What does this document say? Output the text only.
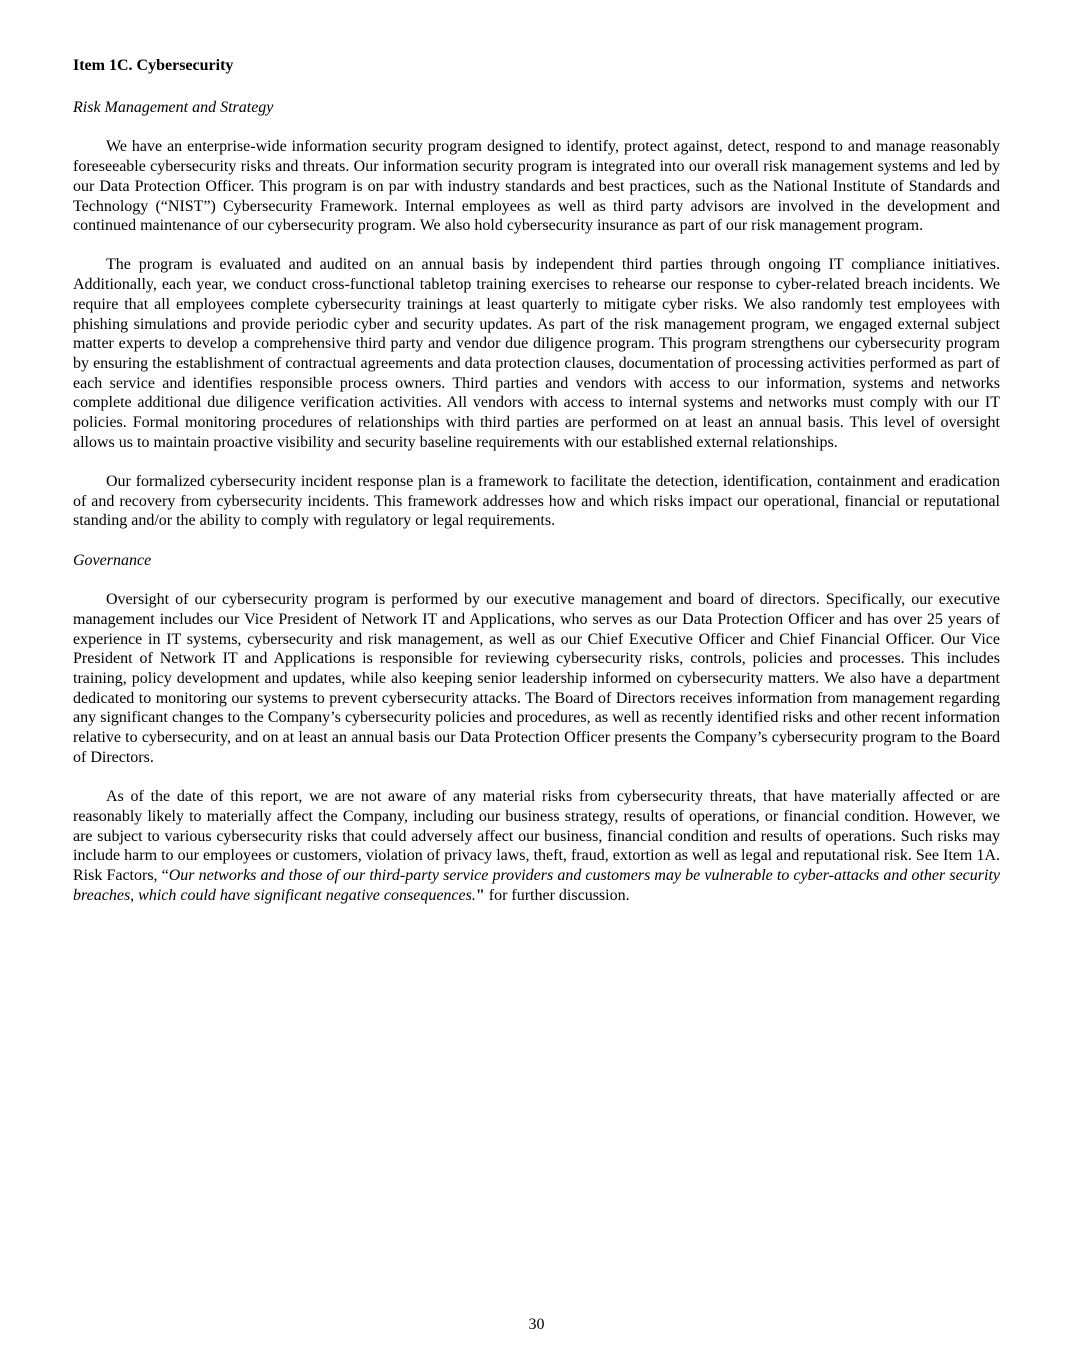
Item 1C. Cybersecurity
Risk Management and Strategy

We have an enterprise-wide information security program designed to identify, protect against, detect, respond to and manage reasonably foreseeable cybersecurity risks and threats. Our information security program is integrated into our overall risk management systems and led by our Data Protection Officer. This program is on par with industry standards and best practices, such as the National Institute of Standards and Technology (“NIST”) Cybersecurity Framework. Internal employees as well as third party advisors are involved in the development and continued maintenance of our cybersecurity program. We also hold cybersecurity insurance as part of our risk management program.

The program is evaluated and audited on an annual basis by independent third parties through ongoing IT compliance initiatives. Additionally, each year, we conduct cross-functional tabletop training exercises to rehearse our response to cyber-related breach incidents. We require that all employees complete cybersecurity trainings at least quarterly to mitigate cyber risks. We also randomly test employees with phishing simulations and provide periodic cyber and security updates. As part of the risk management program, we engaged external subject matter experts to develop a comprehensive third party and vendor due diligence program. This program strengthens our cybersecurity program by ensuring the establishment of contractual agreements and data protection clauses, documentation of processing activities performed as part of each service and identifies responsible process owners. Third parties and vendors with access to our information, systems and networks complete additional due diligence verification activities. All vendors with access to internal systems and networks must comply with our IT policies. Formal monitoring procedures of relationships with third parties are performed on at least an annual basis. This level of oversight allows us to maintain proactive visibility and security baseline requirements with our established external relationships.

Our formalized cybersecurity incident response plan is a framework to facilitate the detection, identification, containment and eradication of and recovery from cybersecurity incidents. This framework addresses how and which risks impact our operational, financial or reputational standing and/or the ability to comply with regulatory or legal requirements.

Governance

Oversight of our cybersecurity program is performed by our executive management and board of directors. Specifically, our executive management includes our Vice President of Network IT and Applications, who serves as our Data Protection Officer and has over 25 years of experience in IT systems, cybersecurity and risk management, as well as our Chief Executive Officer and Chief Financial Officer. Our Vice President of Network IT and Applications is responsible for reviewing cybersecurity risks, controls, policies and processes. This includes training, policy development and updates, while also keeping senior leadership informed on cybersecurity matters. We also have a department dedicated to monitoring our systems to prevent cybersecurity attacks. The Board of Directors receives information from management regarding any significant changes to the Company’s cybersecurity policies and procedures, as well as recently identified risks and other recent information relative to cybersecurity, and on at least an annual basis our Data Protection Officer presents the Company’s cybersecurity program to the Board of Directors.

As of the date of this report, we are not aware of any material risks from cybersecurity threats, that have materially affected or are reasonably likely to materially affect the Company, including our business strategy, results of operations, or financial condition. However, we are subject to various cybersecurity risks that could adversely affect our business, financial condition and results of operations. Such risks may include harm to our employees or customers, violation of privacy laws, theft, fraud, extortion as well as legal and reputational risk. See Item 1A. Risk Factors, “Our networks and those of our third-party service providers and customers may be vulnerable to cyber-attacks and other security breaches, which could have significant negative consequences." for further discussion.

30
